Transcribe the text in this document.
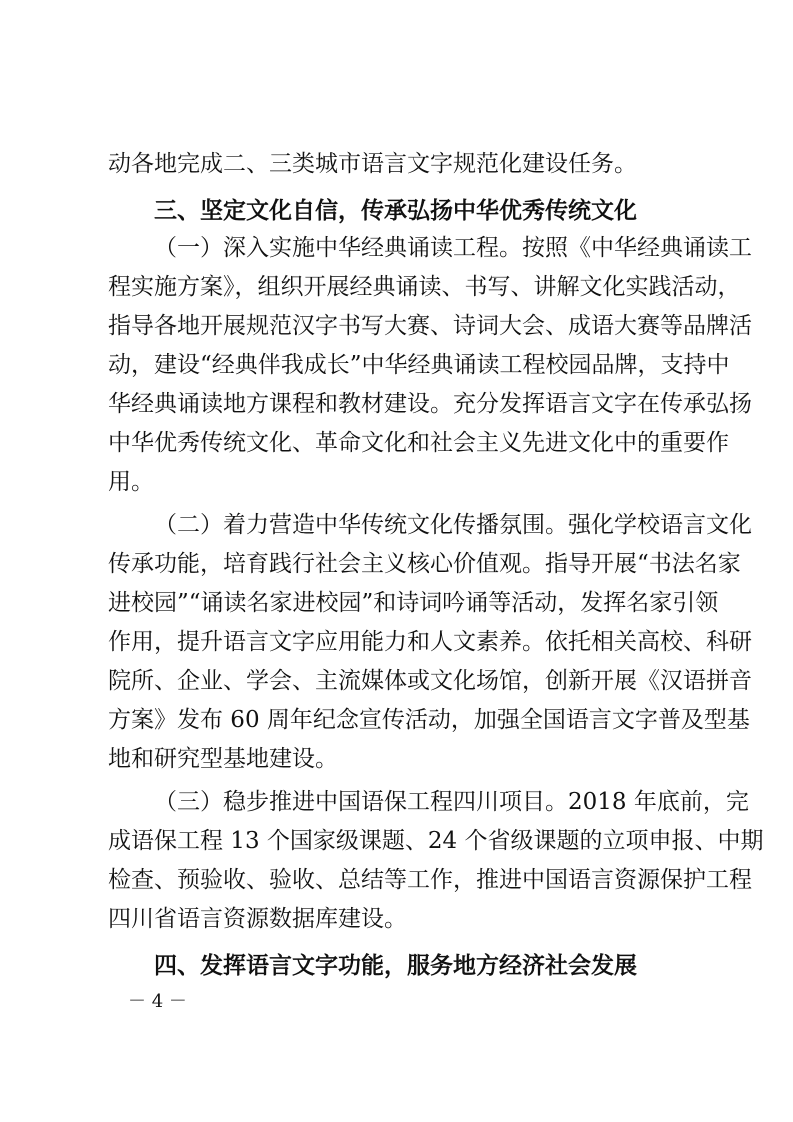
动各地完成二、三类城市语言文字规范化建设任务。
三、坚定文化自信，传承弘扬中华优秀传统文化
（一）深入实施中华经典诵读工程。按照《中华经典诵读工
程实施方案》，组织开展经典诵读、书写、讲解文化实践活动，
指导各地开展规范汉字书写大赛、诗词大会、成语大赛等品牌活
动，建设“经典伴我成长”中华经典诵读工程校园品牌，支持中
华经典诵读地方课程和教材建设。充分发挥语言文字在传承弘扬
中华优秀传统文化、革命文化和社会主义先进文化中的重要作
用。
（二）着力营造中华传统文化传播氛围。强化学校语言文化
传承功能，培育践行社会主义核心价值观。指导开展“书法名家
进校园”“诵读名家进校园”和诗词吟诵等活动，发挥名家引领
作用，提升语言文字应用能力和人文素养。依托相关高校、科研
院所、企业、学会、主流媒体或文化场馆，创新开展《汉语拼音
方案》发布 60 周年纪念宣传活动，加强全国语言文字普及型基
地和研究型基地建设。
（三）稳步推进中国语保工程四川项目。2018 年底前，完
成语保工程 13 个国家级课题、24 个省级课题的立项申报、中期
检查、预验收、验收、总结等工作，推进中国语言资源保护工程
四川省语言资源数据库建设。
四、发挥语言文字功能，服务地方经济社会发展
－ 4 －
